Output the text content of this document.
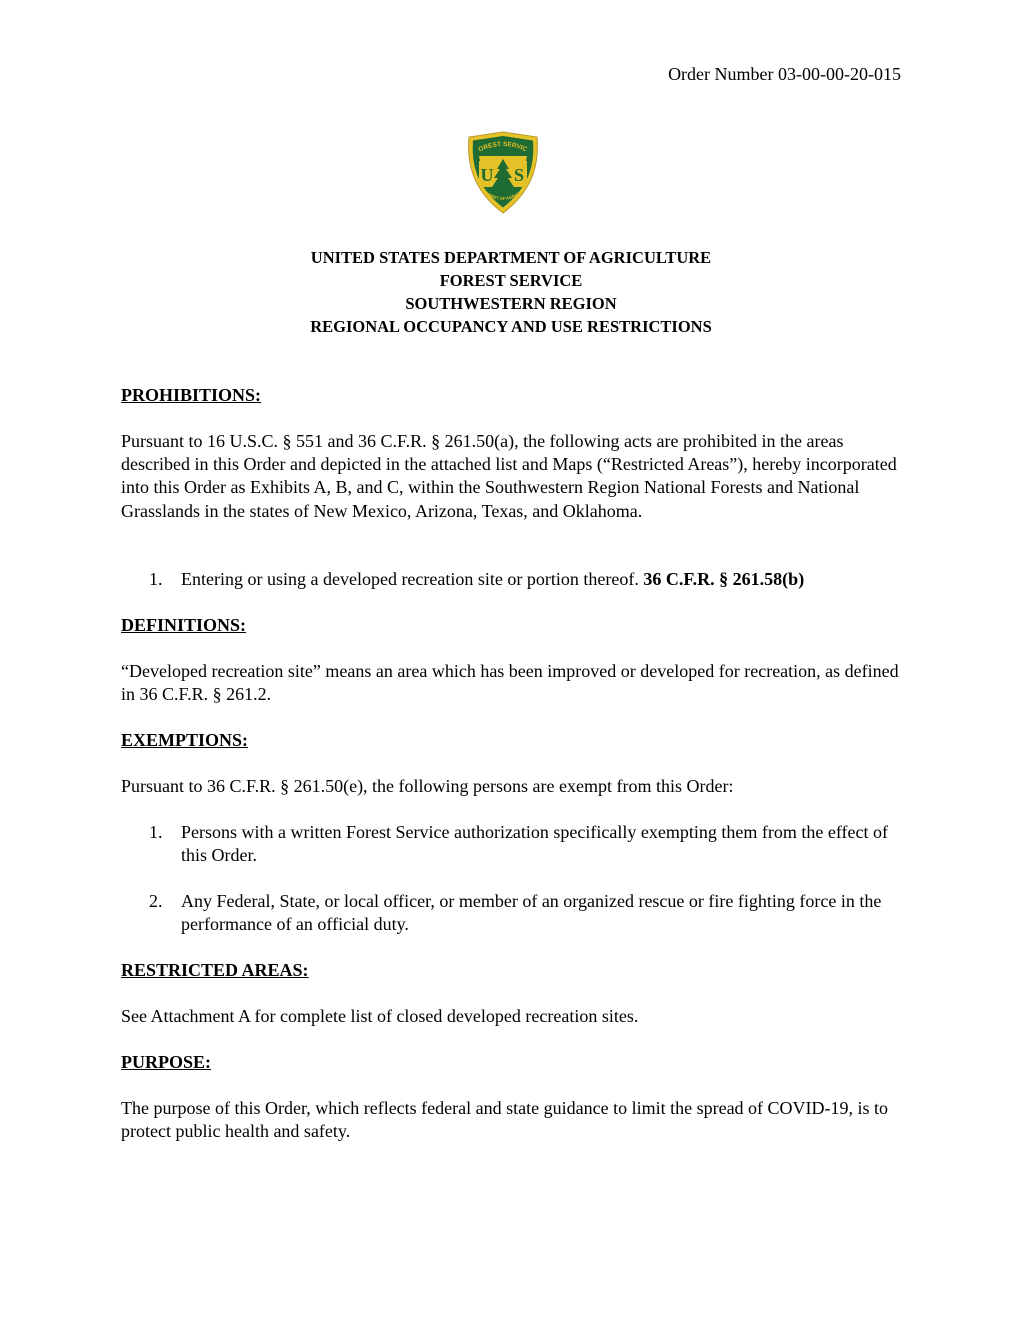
Order Number 03-00-00-20-015
U S
OREST SERVIC
ARTMENT OF AGRICULT
UNITED STATES DEPARTMENT OF AGRICULTURE
FOREST SERVICE
SOUTHWESTERN REGION
REGIONAL OCCUPANCY AND USE RESTRICTIONS
PROHIBITIONS:
Pursuant to 16 U.S.C. § 551 and 36 C.F.R. § 261.50(a), the following acts are prohibited in the areas described in this Order and depicted in the attached list and Maps (“Restricted Areas”), hereby incorporated into this Order as Exhibits A, B, and C, within the Southwestern Region National Forests and National Grasslands in the states of New Mexico, Arizona, Texas, and Oklahoma.
1.	Entering or using a developed recreation site or portion thereof. 36 C.F.R. § 261.58(b)
DEFINITIONS:
“Developed recreation site” means an area which has been improved or developed for recreation, as defined in 36 C.F.R. § 261.2.
EXEMPTIONS:
Pursuant to 36 C.F.R. § 261.50(e), the following persons are exempt from this Order:
1.	Persons with a written Forest Service authorization specifically exempting them from the effect of this Order.
2.	Any Federal, State, or local officer, or member of an organized rescue or fire fighting force in the performance of an official duty.
RESTRICTED AREAS:
See Attachment A for complete list of closed developed recreation sites.
PURPOSE:
The purpose of this Order, which reflects federal and state guidance to limit the spread of COVID-19, is to protect public health and safety.
